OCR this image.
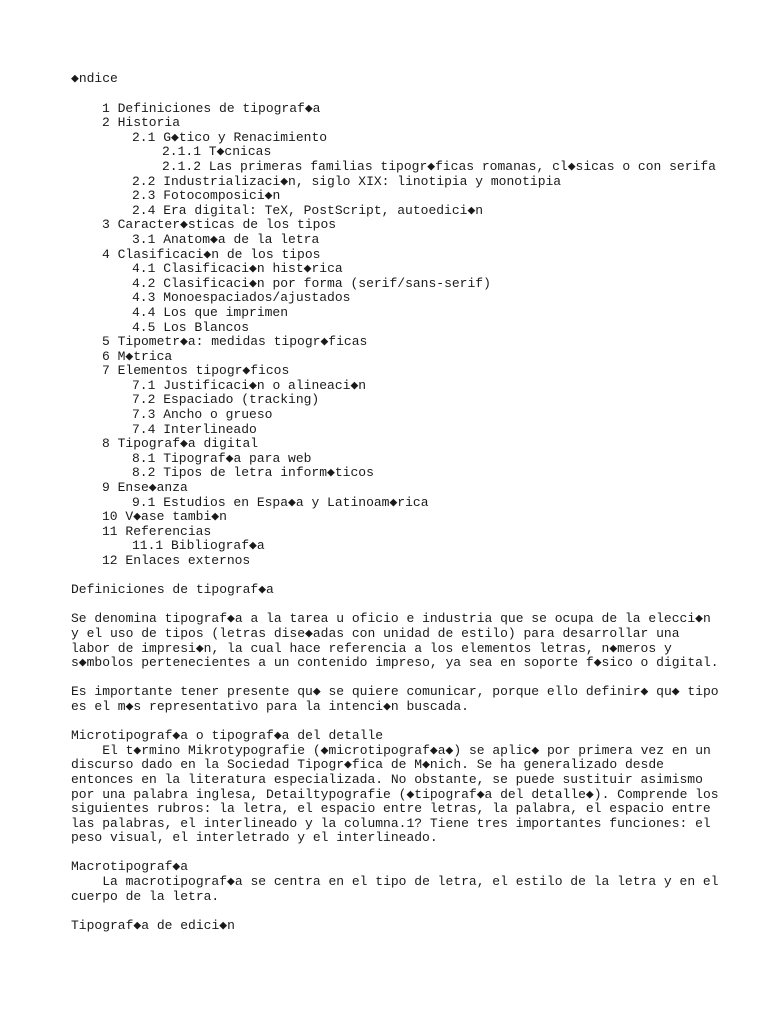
◆ndice
1 Definiciones de tipograf◆a
2 Historia
2.1 G◆tico y Renacimiento
2.1.1 T◆cnicas
2.1.2 Las primeras familias tipogr◆ficas romanas, cl◆sicas o con serifa
2.2 Industrializaci◆n, siglo XIX: linotipia y monotipia
2.3 Fotocomposici◆n
2.4 Era digital: TeX, PostScript, autoedici◆n
3 Caracter◆sticas de los tipos
3.1 Anatom◆a de la letra
4 Clasificaci◆n de los tipos
4.1 Clasificaci◆n hist◆rica
4.2 Clasificaci◆n por forma (serif/sans-serif)
4.3 Monoespaciados/ajustados
4.4 Los que imprimen
4.5 Los Blancos
5 Tipometr◆a: medidas tipogr◆ficas
6 M◆trica
7 Elementos tipogr◆ficos
7.1 Justificaci◆n o alineaci◆n
7.2 Espaciado (tracking)
7.3 Ancho o grueso
7.4 Interlineado
8 Tipograf◆a digital
8.1 Tipograf◆a para web
8.2 Tipos de letra inform◆ticos
9 Ense◆anza
9.1 Estudios en Espa◆a y Latinoam◆rica
10 V◆ase tambi◆n
11 Referencias
11.1 Bibliograf◆a
12 Enlaces externos
Definiciones de tipograf◆a
Se denomina tipograf◆a a la tarea u oficio e industria que se ocupa de la elecci◆n
y el uso de tipos (letras dise◆adas con unidad de estilo) para desarrollar una
labor de impresi◆n, la cual hace referencia a los elementos letras, n◆meros y
s◆mbolos pertenecientes a un contenido impreso, ya sea en soporte f◆sico o digital.
Es importante tener presente qu◆ se quiere comunicar, porque ello definir◆ qu◆ tipo
es el m◆s representativo para la intenci◆n buscada.
Microtipograf◆a o tipograf◆a del detalle
El t◆rmino Mikrotypografie (◆microtipograf◆a◆) se aplic◆ por primera vez en un
discurso dado en la Sociedad Tipogr◆fica de M◆nich. Se ha generalizado desde
entonces en la literatura especializada. No obstante, se puede sustituir asimismo
por una palabra inglesa, Detailtypografie (◆tipograf◆a del detalle◆). Comprende los
siguientes rubros: la letra, el espacio entre letras, la palabra, el espacio entre
las palabras, el interlineado y la columna.1? Tiene tres importantes funciones: el
peso visual, el interletrado y el interlineado.
Macrotipograf◆a
La macrotipograf◆a se centra en el tipo de letra, el estilo de la letra y en el
cuerpo de la letra.
Tipograf◆a de edici◆n
